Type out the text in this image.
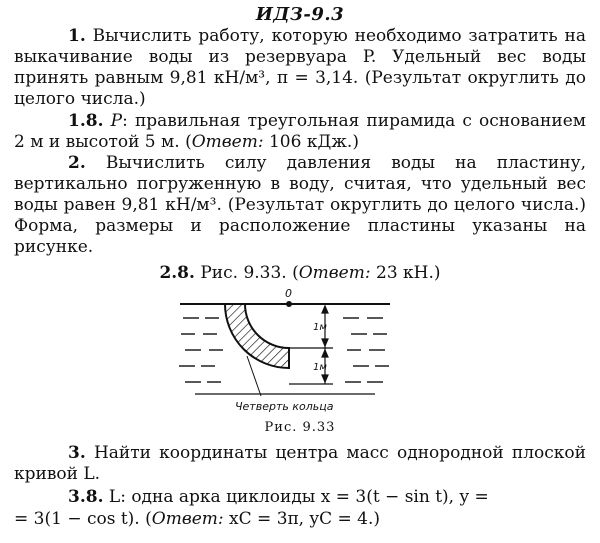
ИДЗ-9.3
1. Вычислить работу, которую необходимо затратить на выкачивание воды из резервуара P. Удельный вес воды принять равным 9,81 кН/м³, π = 3,14. (Результат округлить до целого числа.)
1.8. P: правильная треугольная пирамида с основанием 2 м и высотой 5 м. (Ответ: 106 кДж.)
2. Вычислить силу давления воды на пластину, вертикально погруженную в воду, считая, что удельный вес воды равен 9,81 кН/м³. (Результат округлить до целого числа.) Форма, размеры и расположение пластины указаны на рисунке.
2.8. Рис. 9.33. (Ответ: 23 кН.)
0
1м
1м
Четверть кольца
Рис. 9.33
3. Найти координаты центра масс однородной плоской кривой L.
3.8. L: одна арка циклоиды x = 3(t − sin t), y =
= 3(1 − cos t). (Ответ: xC = 3π, yC = 4.)
